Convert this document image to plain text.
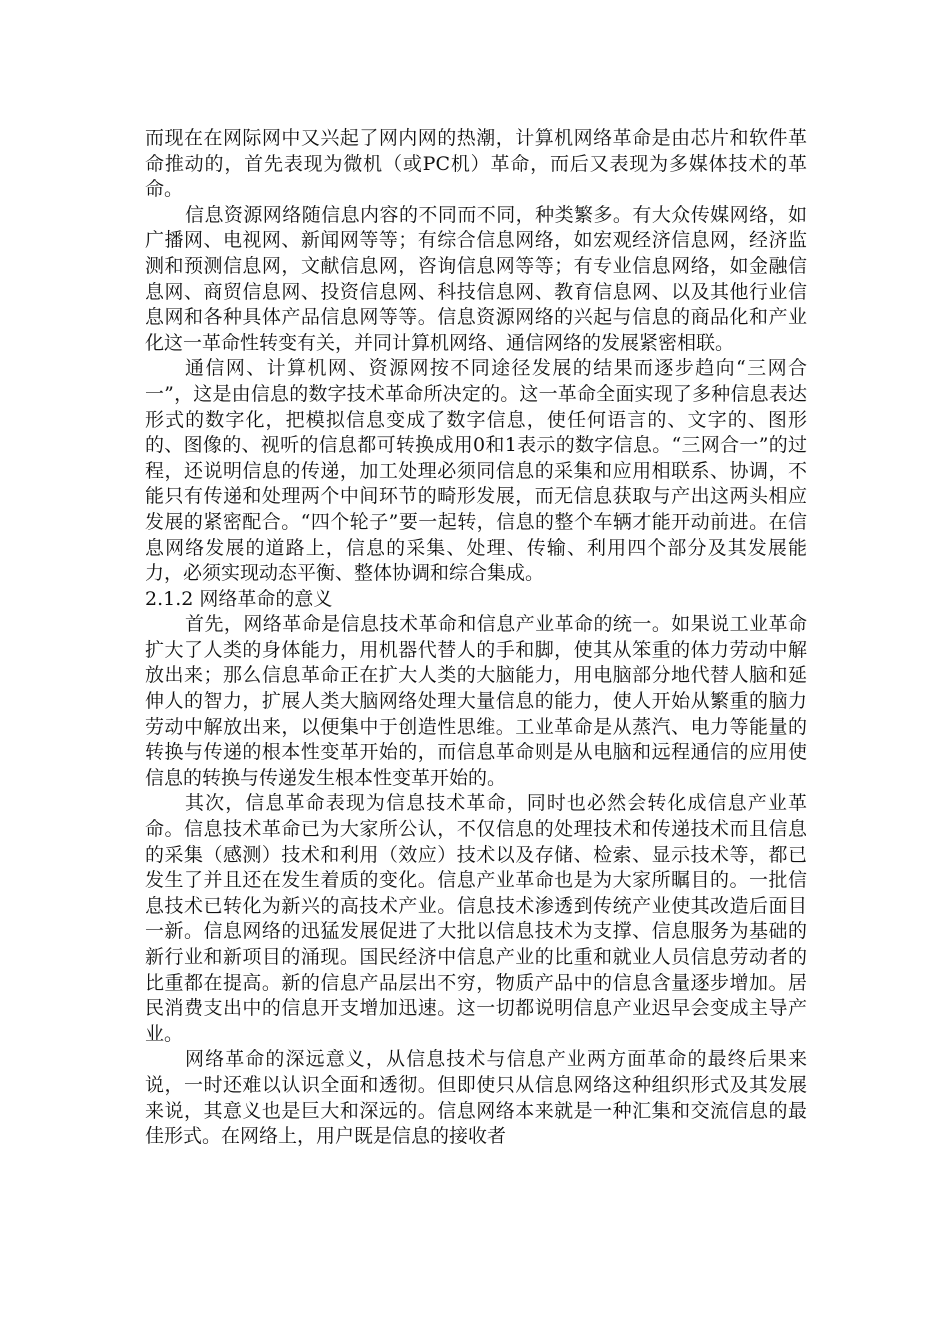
而现在在网际网中又兴起了网内网的热潮，计算机网络革命是由芯片和软件革命推动的，首先表现为微机（或PC机）革命，而后又表现为多媒体技术的革命。

信息资源网络随信息内容的不同而不同，种类繁多。有大众传媒网络，如广播网、电视网、新闻网等等；有综合信息网络，如宏观经济信息网，经济监测和预测信息网，文献信息网，咨询信息网等等；有专业信息网络，如金融信息网、商贸信息网、投资信息网、科技信息网、教育信息网、以及其他行业信息网和各种具体产品信息网等等。信息资源网络的兴起与信息的商品化和产业化这一革命性转变有关，并同计算机网络、通信网络的发展紧密相联。

通信网、计算机网、资源网按不同途径发展的结果而逐步趋向“三网合一”，这是由信息的数字技术革命所决定的。这一革命全面实现了多种信息表达形式的数字化，把模拟信息变成了数字信息，使任何语言的、文字的、图形的、图像的、视听的信息都可转换成用0和1表示的数字信息。“三网合一”的过程，还说明信息的传递，加工处理必须同信息的采集和应用相联系、协调，不能只有传递和处理两个中间环节的畸形发展，而无信息获取与产出这两头相应发展的紧密配合。“四个轮子”要一起转，信息的整个车辆才能开动前进。在信息网络发展的道路上，信息的采集、处理、传输、利用四个部分及其发展能力，必须实现动态平衡、整体协调和综合集成。

2.1.2 网络革命的意义

首先，网络革命是信息技术革命和信息产业革命的统一。如果说工业革命扩大了人类的身体能力，用机器代替人的手和脚，使其从笨重的体力劳动中解放出来；那么信息革命正在扩大人类的大脑能力，用电脑部分地代替人脑和延伸人的智力，扩展人类大脑网络处理大量信息的能力，使人开始从繁重的脑力劳动中解放出来，以便集中于创造性思维。工业革命是从蒸汽、电力等能量的转换与传递的根本性变革开始的，而信息革命则是从电脑和远程通信的应用使信息的转换与传递发生根本性变革开始的。

其次，信息革命表现为信息技术革命，同时也必然会转化成信息产业革命。信息技术革命已为大家所公认，不仅信息的处理技术和传递技术而且信息的采集（感测）技术和利用（效应）技术以及存储、检索、显示技术等，都已发生了并且还在发生着质的变化。信息产业革命也是为大家所瞩目的。一批信息技术已转化为新兴的高技术产业。信息技术渗透到传统产业使其改造后面目一新。信息网络的迅猛发展促进了大批以信息技术为支撑、信息服务为基础的新行业和新项目的涌现。国民经济中信息产业的比重和就业人员信息劳动者的比重都在提高。新的信息产品层出不穷，物质产品中的信息含量逐步增加。居民消费支出中的信息开支增加迅速。这一切都说明信息产业迟早会变成主导产业。

网络革命的深远意义，从信息技术与信息产业两方面革命的最终后果来说，一时还难以认识全面和透彻。但即使只从信息网络这种组织形式及其发展来说，其意义也是巨大和深远的。信息网络本来就是一种汇集和交流信息的最佳形式。在网络上，用户既是信息的接收者
